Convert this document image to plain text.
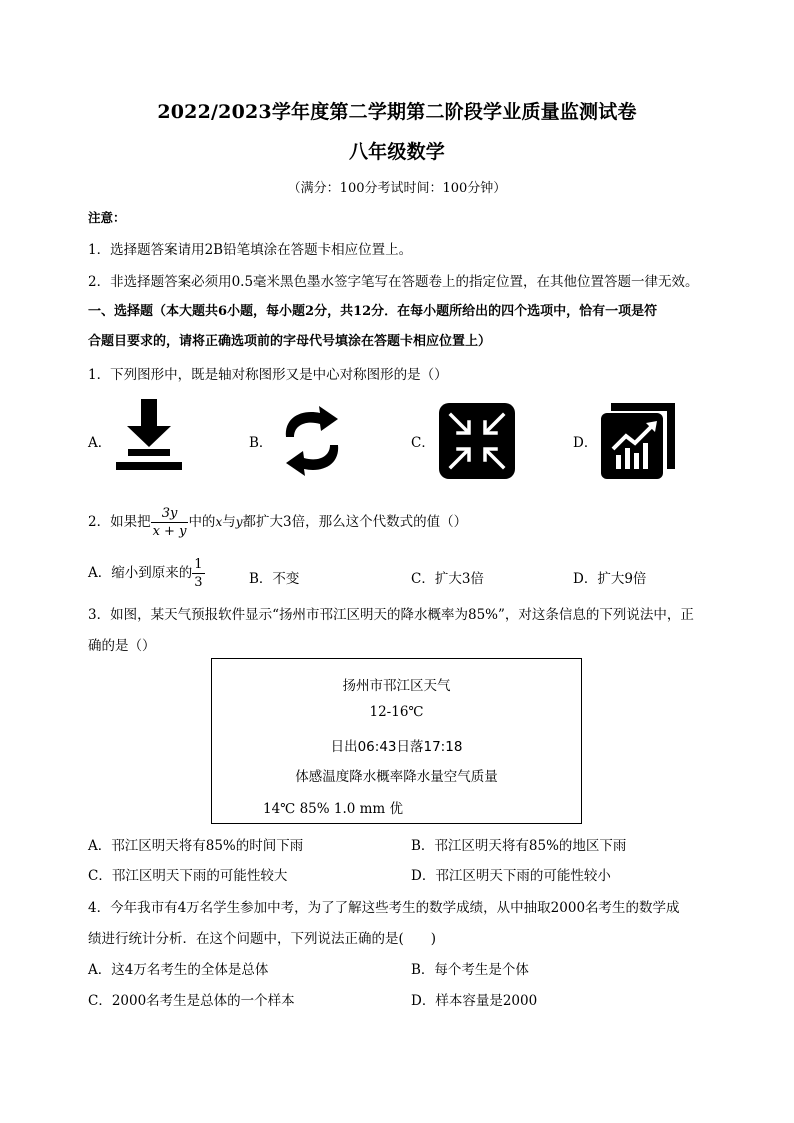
2022/2023学年度第二学期第二阶段学业质量监测试卷
八年级数学
（满分：100分考试时间：100分钟）
注意：
1．选择题答案请用2B铅笔填涂在答题卡相应位置上。
2．非选择题答案必须用0.5毫米黑色墨水签字笔写在答题卷上的指定位置，在其他位置答题一律无效。
一、选择题（本大题共6小题，每小题2分，共12分．在每小题所给出的四个选项中，恰有一项是符
合题目要求的，请将正确选项前的字母代号填涂在答题卡相应位置上）
1．下列图形中，既是轴对称图形又是中心对称图形的是（）
A．	B．	C．	D．
2．如果把 $\frac{3y}{x + y}$ 中的x与y都扩大3倍，那么这个代数式的值（）
A．缩小到原来的 $\frac{1}{3}$	B．不变	C．扩大3倍	D．扩大9倍
3．如图，某天气预报软件显示“扬州市邗江区明天的降水概率为85%”，对这条信息的下列说法中，正
确的是（）
扬州市邗江区天气
12-16℃
日出06:43日落17:18
体感温度降水概率降水量空气质量
14℃ 85% 1.0 mm 优
A．邗江区明天将有85%的时间下雨	B．邗江区明天将有85%的地区下雨
C．邗江区明天下雨的可能性较大	D．邗江区明天下雨的可能性较小
4．今年我市有4万名学生参加中考，为了了解这些考生的数学成绩，从中抽取2000名考生的数学成
绩进行统计分析．在这个问题中，下列说法正确的是(　　)
A．这4万名考生的全体是总体	B．每个考生是个体
C．2000名考生是总体的一个样本	D．样本容量是2000
